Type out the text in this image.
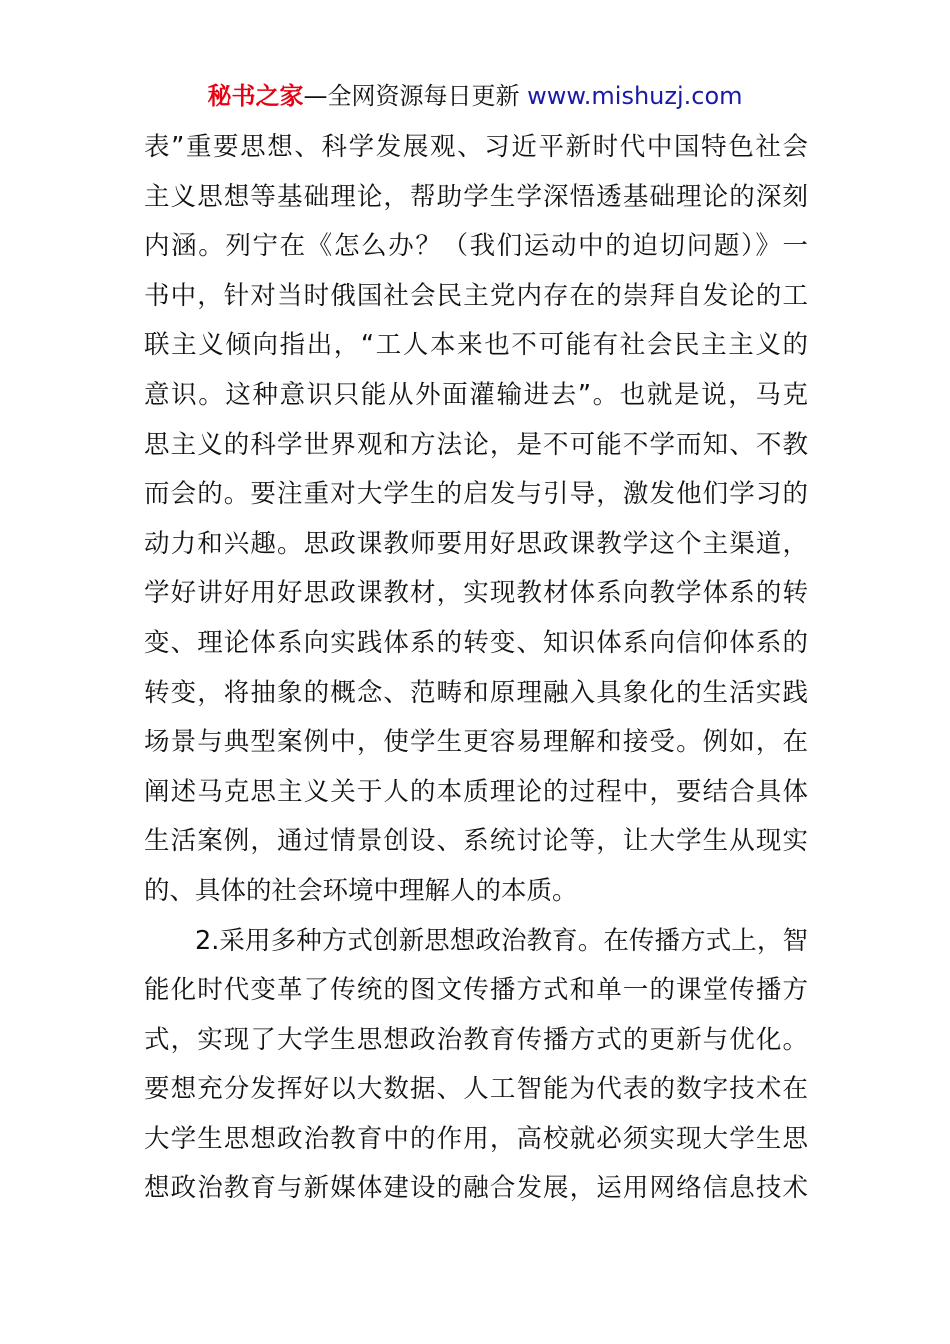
秘书之家—全网资源每日更新 www.mishuzj.com
表”重要思想、科学发展观、习近平新时代中国特色社会
主义思想等基础理论，帮助学生学深悟透基础理论的深刻
内涵。列宁在《怎么办？（我们运动中的迫切问题）》一
书中，针对当时俄国社会民主党内存在的崇拜自发论的工
联主义倾向指出，“工人本来也不可能有社会民主主义的
意识。这种意识只能从外面灌输进去”。也就是说，马克
思主义的科学世界观和方法论，是不可能不学而知、不教
而会的。要注重对大学生的启发与引导，激发他们学习的
动力和兴趣。思政课教师要用好思政课教学这个主渠道，
学好讲好用好思政课教材，实现教材体系向教学体系的转
变、理论体系向实践体系的转变、知识体系向信仰体系的
转变，将抽象的概念、范畴和原理融入具象化的生活实践
场景与典型案例中，使学生更容易理解和接受。例如，在
阐述马克思主义关于人的本质理论的过程中，要结合具体
生活案例，通过情景创设、系统讨论等，让大学生从现实
的、具体的社会环境中理解人的本质。
2.采用多种方式创新思想政治教育。在传播方式上，智
能化时代变革了传统的图文传播方式和单一的课堂传播方
式，实现了大学生思想政治教育传播方式的更新与优化。
要想充分发挥好以大数据、人工智能为代表的数字技术在
大学生思想政治教育中的作用，高校就必须实现大学生思
想政治教育与新媒体建设的融合发展，运用网络信息技术
